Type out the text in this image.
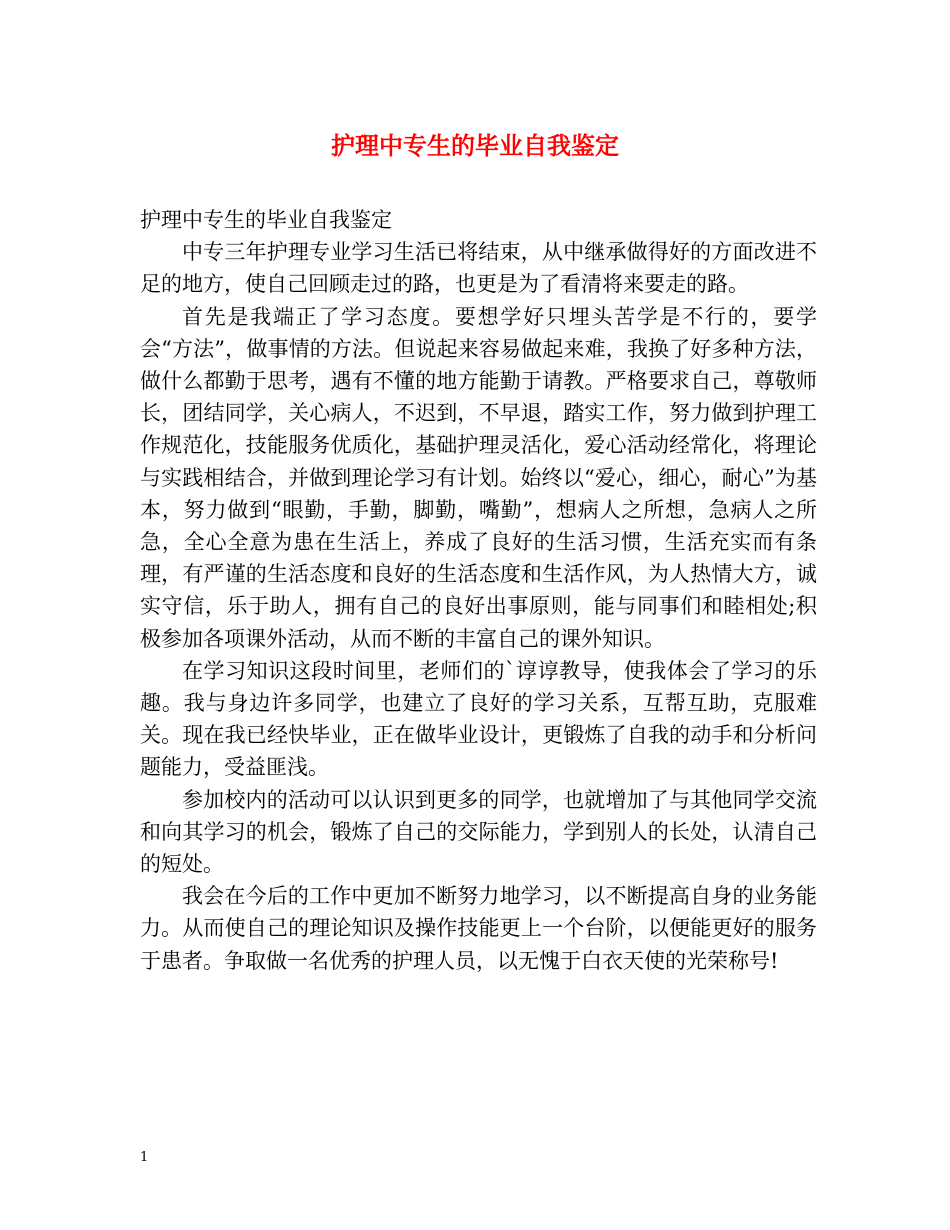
护理中专生的毕业自我鉴定

护理中专生的毕业自我鉴定

中专三年护理专业学习生活已将结束，从中继承做得好的方面改进不足的地方，使自己回顾走过的路，也更是为了看清将来要走的路。

首先是我端正了学习态度。要想学好只埋头苦学是不行的，要学会“方法”，做事情的方法。但说起来容易做起来难，我换了好多种方法，做什么都勤于思考，遇有不懂的地方能勤于请教。严格要求自己，尊敬师长，团结同学，关心病人，不迟到，不早退，踏实工作，努力做到护理工作规范化，技能服务优质化，基础护理灵活化，爱心活动经常化，将理论与实践相结合，并做到理论学习有计划。始终以“爱心，细心，耐心”为基本，努力做到“眼勤，手勤，脚勤，嘴勤”，想病人之所想，急病人之所急，全心全意为患在生活上，养成了良好的生活习惯，生活充实而有条理，有严谨的生活态度和良好的生活态度和生活作风，为人热情大方，诚实守信，乐于助人，拥有自己的良好出事原则，能与同事们和睦相处;积极参加各项课外活动，从而不断的丰富自己的课外知识。

在学习知识这段时间里，老师们的`谆谆教导，使我体会了学习的乐趣。我与身边许多同学，也建立了良好的学习关系，互帮互助，克服难关。现在我已经快毕业，正在做毕业设计，更锻炼了自我的动手和分析问题能力，受益匪浅。

参加校内的活动可以认识到更多的同学，也就增加了与其他同学交流和向其学习的机会，锻炼了自己的交际能力，学到别人的长处，认清自己的短处。

我会在今后的工作中更加不断努力地学习，以不断提高自身的业务能力。从而使自己的理论知识及操作技能更上一个台阶，以便能更好的服务于患者。争取做一名优秀的护理人员，以无愧于白衣天使的光荣称号!

1
